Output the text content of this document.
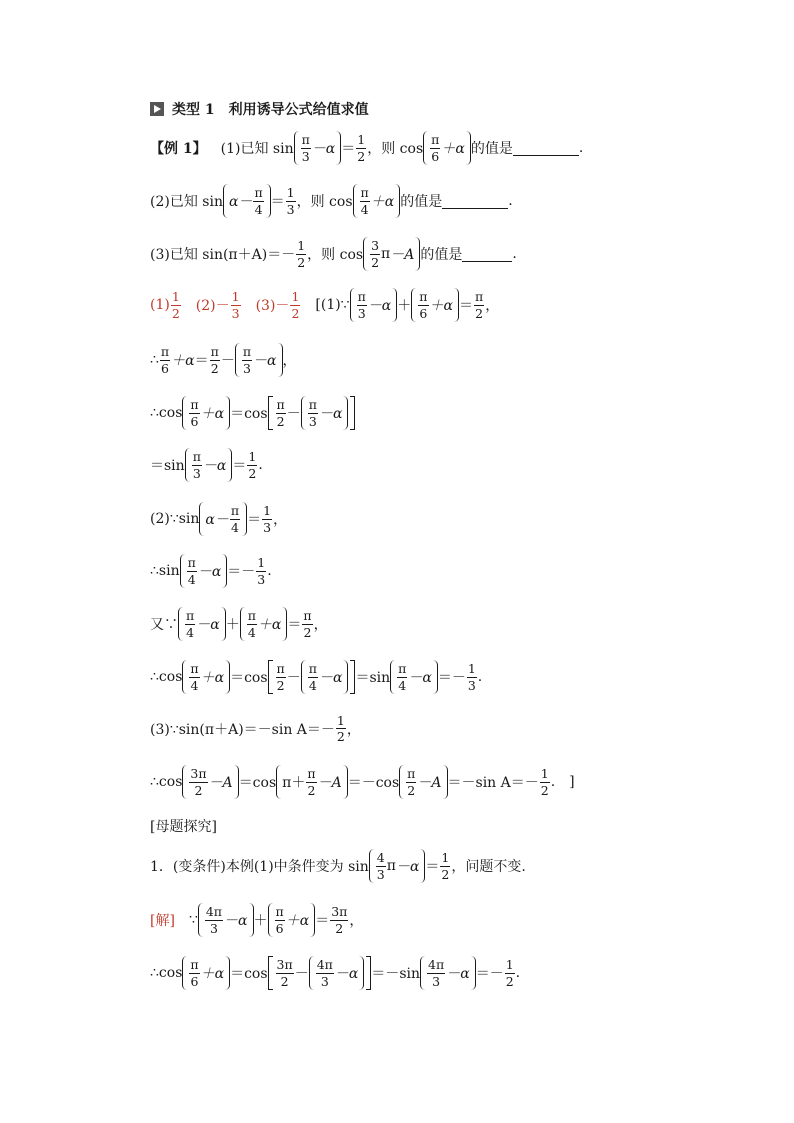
类型 1　利用诱导公式给值求值
【例 1】 (1)已知 $\sin \frac{\pi}{3} -\alpha = \frac{1}{2}$ ，则 $\cos \frac{\pi}{6} +\alpha$ 的值是	.
(2)已知 $\sin \alpha- \frac{\pi}{4} = \frac{1}{3}$ ，则 $\cos \frac{\pi}{4} +\alpha$ 的值是	.
(3)已知 $\sin(\pi+A)=- \frac{1}{2}$ ，则 $\cos \frac{3}{2}$ π －A 的值是	.
$(1) \frac{1}{2} (2)- \frac{1}{3} (3)- \frac{1}{2}$ [(1)∵ $\frac{\pi}{3} -\alpha + \frac{\pi}{6} +\alpha = \frac{\pi}{2}$ ，
∴ $\frac{\pi}{6} +\alpha = \frac{\pi}{2} - \frac{\pi}{3} -\alpha$ ，
∴ $\cos \frac{\pi}{6} +\alpha =\cos \frac{\pi}{2} - \frac{\pi}{3} -\alpha$
$=\sin \frac{\pi}{3} -\alpha = \frac{1}{2}$ .
(2)∵sin $\alpha- \frac{\pi}{4} = \frac{1}{3}$ ，
∴ $\sin \frac{\pi}{4} -\alpha =- \frac{1}{3}$ .
又∵ $\frac{\pi}{4} -\alpha + \frac{\pi}{4} +\alpha = \frac{\pi}{2}$ ，
∴ $\cos \frac{\pi}{4} +\alpha =\cos \frac{\pi}{2} - \frac{\pi}{4} -\alpha =\sin \frac{\pi}{4} -\alpha =- \frac{1}{3}$ .
(3)∵sin(π＋A)＝－sin $A=- \frac{1}{2}$ ，
∴ $\cos \frac{3\pi}{2} -A =\cos$ $\pi+ \frac{\pi}{2} -A =-\cos \frac{\pi}{2} -A =-\sin$ $A=- \frac{1}{2}$ . ]
[母题探究]
1．(变条件)本例(1)中条件变为 $\sin \frac{4}{3}$ $\pi -\alpha = \frac{1}{2}$ ，问题不变.
[解] ∵ $\frac{4\pi}{3} -\alpha + \frac{\pi}{6} +\alpha = \frac{3\pi}{2}$ ，
∴ $\cos \frac{\pi}{6} +\alpha =\cos \frac{3\pi}{2} - \frac{4\pi}{3} -\alpha =-\sin \frac{4\pi}{3} -\alpha =- \frac{1}{2}$ .
